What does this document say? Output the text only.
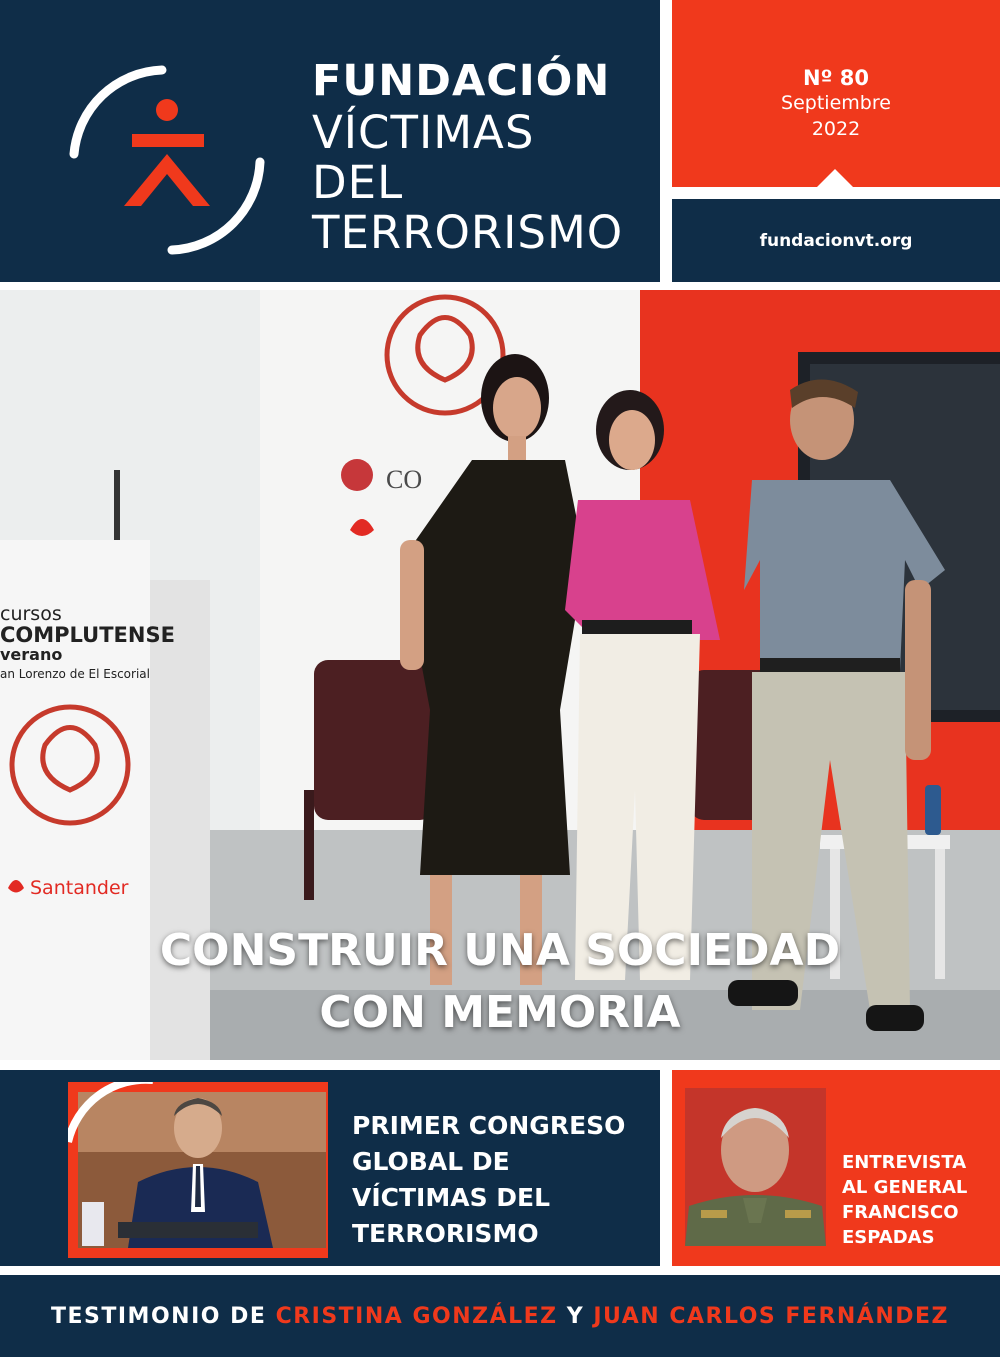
FUNDACIÓN
VÍCTIMAS
DEL
TERRORISMO
Nº 80
Septiembre
2022
fundacionvt.org
CO
cursos
COMPLUTENSE
verano
an Lorenzo de El Escorial
Santander
CONSTRUIR UNA SOCIEDAD
CON MEMORIA
PRIMER CONGRESO
GLOBAL DE
VÍCTIMAS DEL
TERRORISMO
ENTREVISTA
AL GENERAL
FRANCISCO
ESPADAS
TESTIMONIO DE CRISTINA GONZÁLEZ Y JUAN CARLOS FERNÁNDEZ
